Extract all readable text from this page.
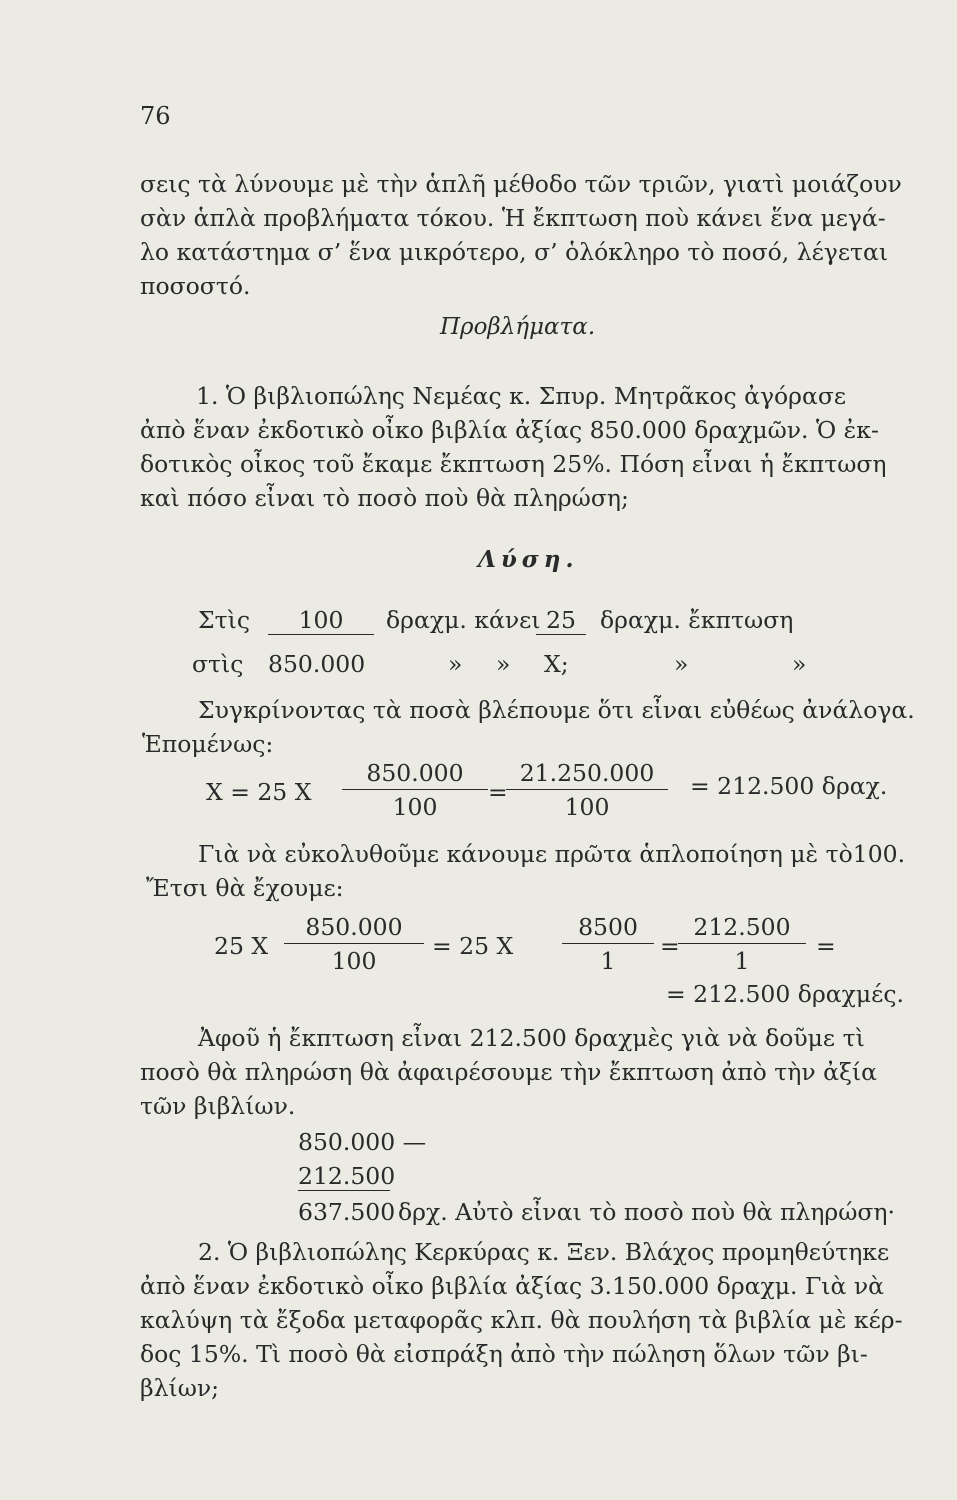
76
σεις τὰ λύνουμε μὲ τὴν ἁπλῆ μέθοδο τῶν τριῶν, γιατὶ μοιάζουν
σὰν ἁπλὰ προβλήματα τόκου. Ἡ ἔκπτωση ποὺ κάνει ἕνα μεγά-
λο κατάστημα σ’ ἕνα μικρότερο, σ’ ὁλόκληρο τὸ ποσό, λέγεται
ποσοστό.
Προβλήματα.
1. Ὁ βιβλιοπώλης Νεμέας κ. Σπυρ. Μητρᾶκος ἀγόρασε
ἀπὸ ἕναν ἐκδοτικὸ οἶκο βιβλία ἀξίας 850.000 δραχμῶν. Ὁ ἐκ-
δοτικὸς οἶκος τοῦ ἔκαμε ἔκπτωση 25%. Πόση εἶναι ἡ ἔκπτωση
καὶ πόσο εἶναι τὸ ποσὸ ποὺ θὰ πληρώση;
Λύση.
Στὶς	100	δραχμ. κάνει 25	δραχμ. ἔκπτωση
στὶς 850.000	» » X;	»	»
Συγκρίνοντας τὰ ποσὰ βλέπουμε ὅτι εἶναι εὐθέως ἀνάλογα.
Ἑπομένως:
X = 25 X
850.000
100
=
21.250.000
100
= 212.500 δραχ.
Γιὰ νὰ εὐκολυθοῦμε κάνουμε πρῶτα ἁπλοποίηση μὲ τὸ100.
Ἔτσι θὰ ἔχουμε:
25 X
850.000
100
= 25 X
8500
1
=
212.500
1
=
= 212.500 δραχμές.
Ἀφοῦ ἡ ἔκπτωση εἶναι 212.500 δραχμὲς γιὰ νὰ δοῦμε τὶ
ποσὸ θὰ πληρώση θὰ ἀφαιρέσουμε τὴν ἔκπτωση ἀπὸ τὴν ἀξία
τῶν βιβλίων.
850.000 —
212.500
637.500 δρχ. Αὐτὸ εἶναι τὸ ποσὸ ποὺ θὰ πληρώση·
2. Ὁ βιβλιοπώλης Κερκύρας κ. Ξεν. Βλάχος προμηθεύτηκε
ἀπὸ ἕναν ἐκδοτικὸ οἶκο βιβλία ἀξίας 3.150.000 δραχμ. Γιὰ νὰ
καλύψη τὰ ἔξοδα μεταφορᾶς κλπ. θὰ πουλήση τὰ βιβλία μὲ κέρ-
δος 15%. Τὶ ποσὸ θὰ εἰσπράξη ἀπὸ τὴν πώληση ὅλων τῶν βι-
βλίων;
